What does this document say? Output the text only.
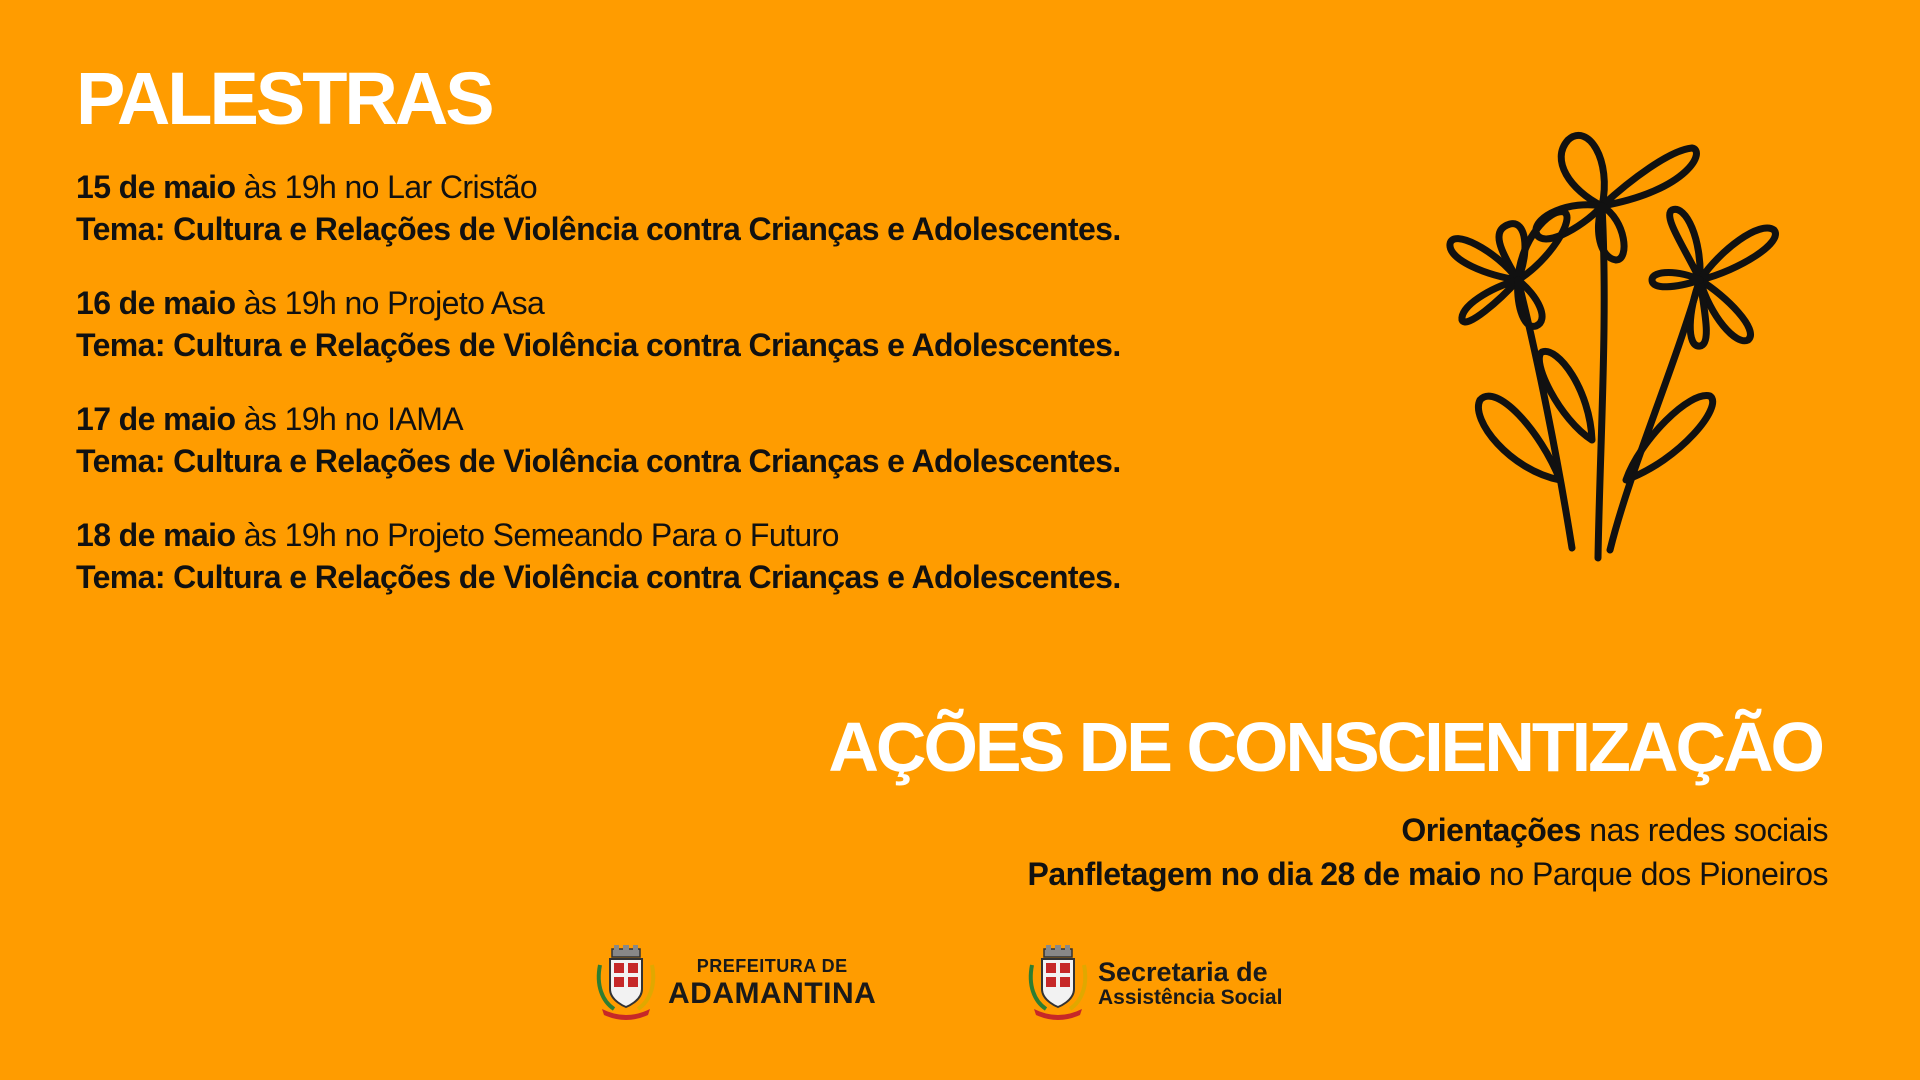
PALESTRAS
15 de maio às 19h no Lar Cristão
Tema: Cultura e Relações de Violência contra Crianças e Adolescentes.
16 de maio às 19h no Projeto Asa
Tema: Cultura e Relações de Violência contra Crianças e Adolescentes.
17 de maio às 19h no IAMA
Tema: Cultura e Relações de Violência contra Crianças e Adolescentes.
18 de maio às 19h no Projeto Semeando Para o Futuro
Tema: Cultura e Relações de Violência contra Crianças e Adolescentes.
AÇÕES DE CONSCIENTIZAÇÃO
Orientações nas redes sociais
Panfletagem no dia 28 de maio no Parque dos Pioneiros
PREFEITURA DE
ADAMANTINA
Secretaria de
Assistência Social
